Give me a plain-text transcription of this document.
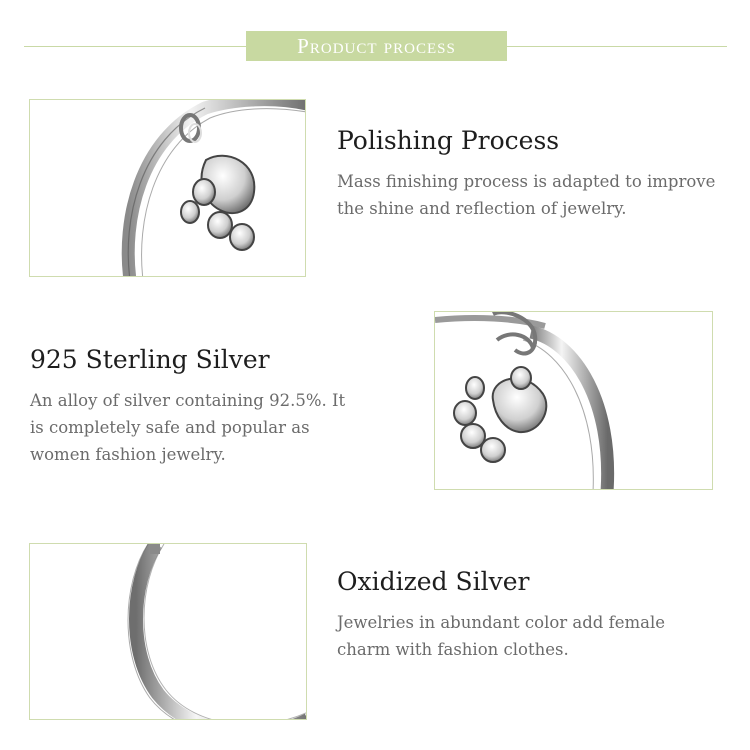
Product process
Polishing Process
Mass finishing process is adapted to improve
the shine and reflection of jewelry.
925 Sterling Silver
An alloy of silver containing 92.5%. It
is completely safe and popular as
women fashion jewelry.
Oxidized Silver
Jewelries in abundant color add female
charm with fashion clothes.
